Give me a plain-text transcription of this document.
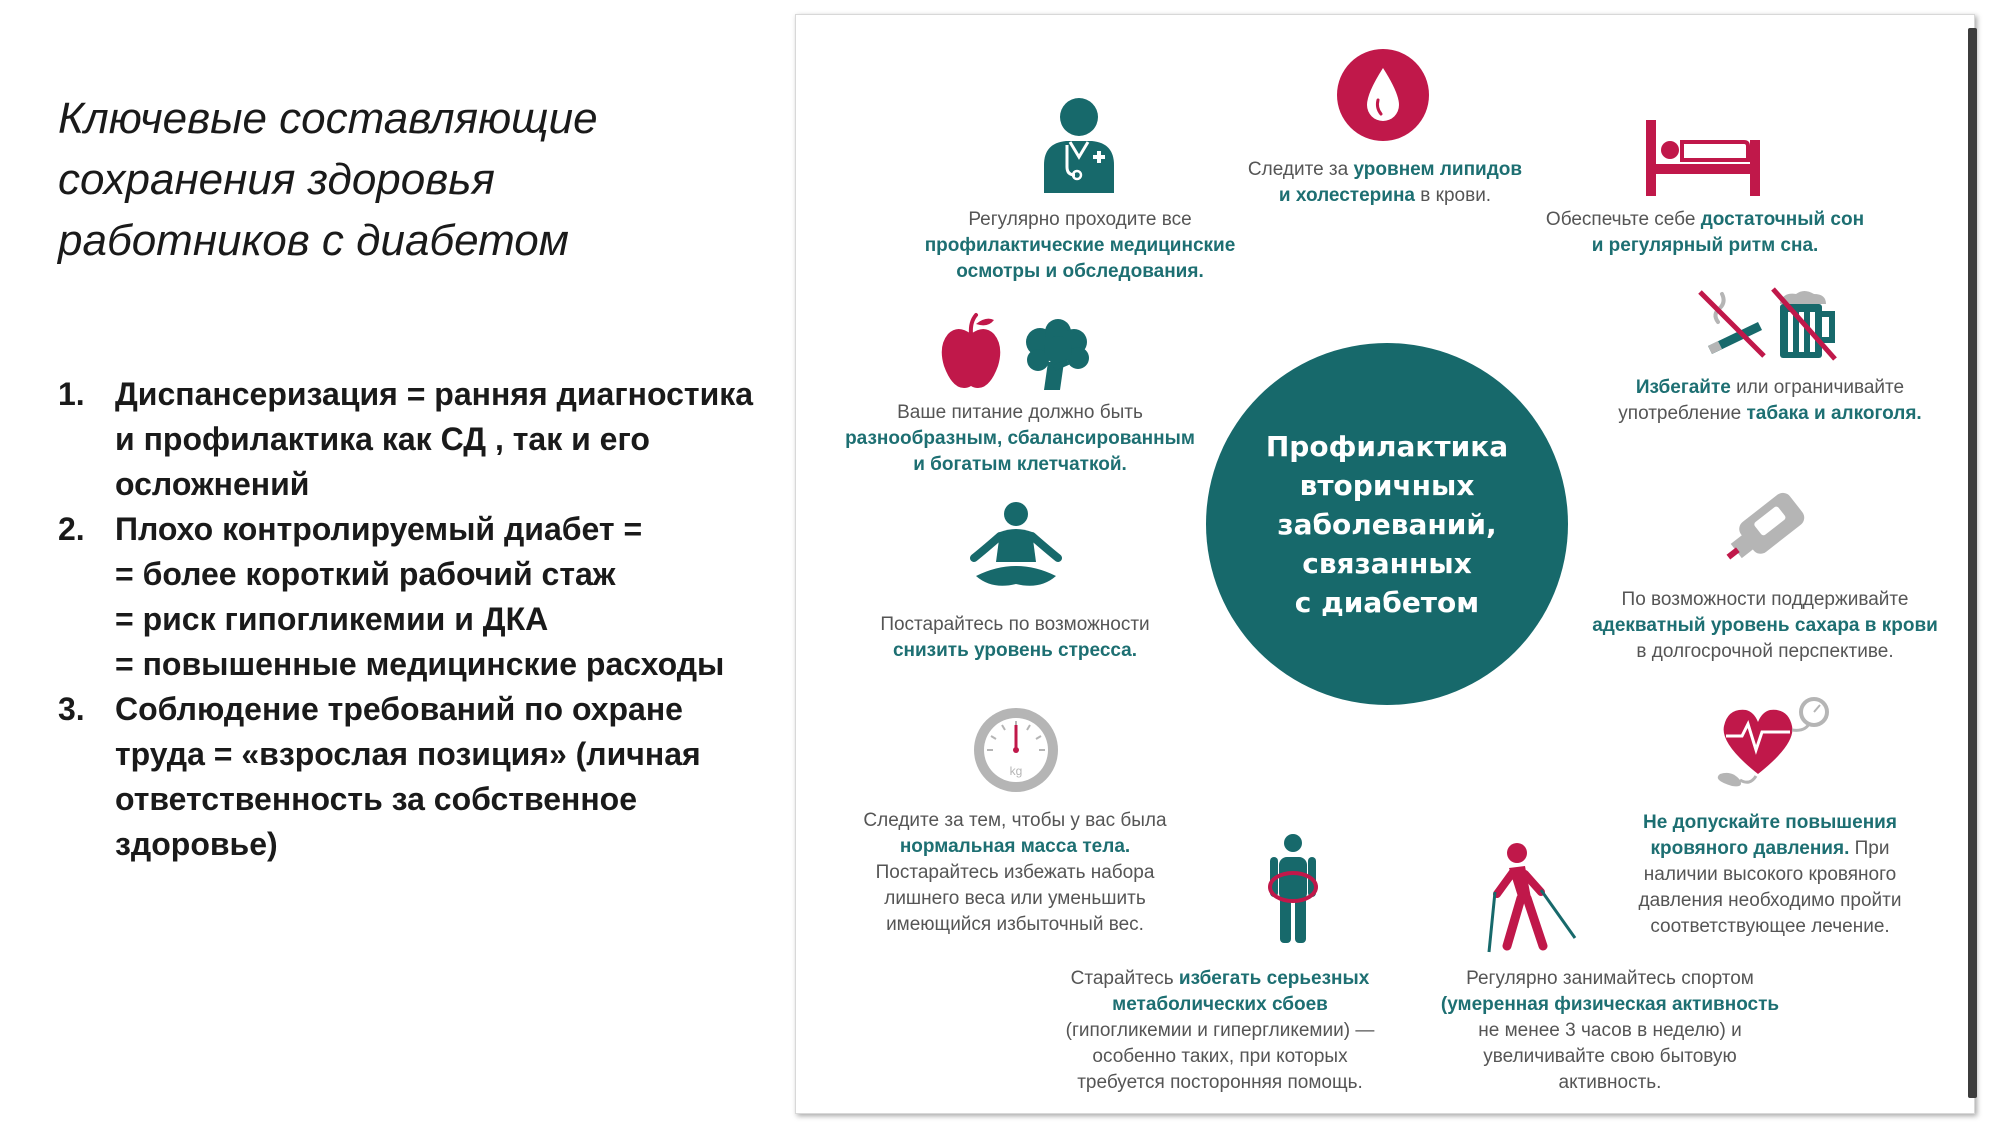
Ключевые составляющие
сохранения здоровья
работников с диабетом
1. Диспансеризация = ранняя диагностика
и профилактика как СД , так и его
осложнений
2. Плохо контролируемый диабет =
= более короткий рабочий стаж
= риск гипогликемии и ДКА
= повышенные медицинские расходы
3. Соблюдение требований по охране
труда = «взрослая позиция» (личная
ответственность за собственное
здоровье)
Профилактика
вторичных
заболеваний,
связанных
с диабетом
Регулярно проходите все
профилактические медицинские
осмотры и обследования.
Следите за уровнем липидов
и холестерина в крови.
Обеспечьте себе достаточный сон
и регулярный ритм сна.
Ваше питание должно быть
разнообразным, сбалансированным
и богатым клетчаткой.
Избегайте или ограничивайте
употребление табака и алкоголя.
Постарайтесь по возможности
снизить уровень стресса.
По возможности поддерживайте
адекватный уровень сахара в крови
в долгосрочной перспективе.
kg
Следите за тем, чтобы у вас была
нормальная масса тела.
Постарайтесь избежать набора
лишнего веса или уменьшить
имеющийся избыточный вес.
Не допускайте повышения
кровяного давления. При
наличии высокого кровяного
давления необходимо пройти
соответствующее лечение.
Старайтесь избегать серьезных
метаболических сбоев
(гипогликемии и гипергликемии) —
особенно таких, при которых
требуется посторонняя помощь.
Регулярно занимайтесь спортом
(умеренная физическая активность
не менее 3 часов в неделю) и
увеличивайте свою бытовую
активность.
